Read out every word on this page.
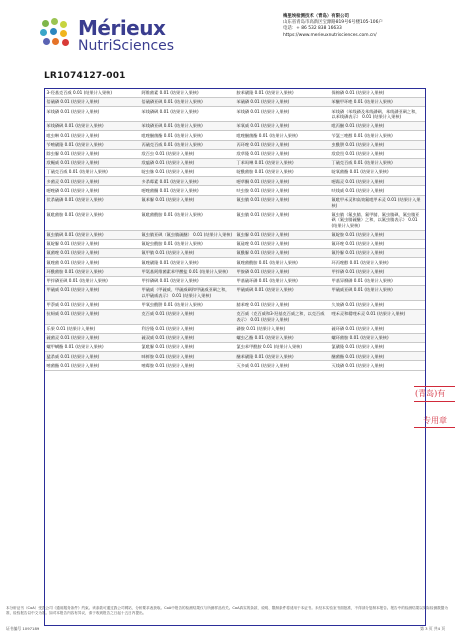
Mérieux
NutriSciences
梅里埃检测技术（青岛）有限公司
山东省青岛市高新区宝源路819号6号楼105-106户
电话：+ 86 532 838 16633
https://www.merieuxnutrisciences.com.cn/
LR1074127-001
3-羟基克百威 0.01 (结果计入果核)	阿维菌素 0.01 (结果计入果核)	胺苯磺隆 0.01 (结果计入果核)	保棉磷 0.01 (结果计入果核)
倍硫磷 0.01 (结果计入果核)	倍硫磷亚砜 0.01 (结果计入果核)	苯硫磷 0.01 (结果计入果核)	苯醚甲环唑 0.01 (结果计入果核)
苯线磷 0.01 (结果计入果核)	苯线磷砜 0.01 (结果计入果核)	苯线磷 0.01 (结果计入果核)	苯线磷（苯线磷及苯线磷砜、苯线磷亚砜之和，以苯线磷表示） 0.01 (结果计入果核)
苯线磷砜 0.01 (结果计入果核)	苯线磷亚砜 0.01 (结果计入果核)	苯氧威 0.01 (结果计入果核)	吡丙醚 0.01 (结果计入果核)
吡虫啉 0.01 (结果计入果核)	吡唑醚菌酯 0.01 (结果计入果核)	吡唑醚菌酯 0.01 (结果计入果核)	苄氯三唑醇 0.01 (结果计入果核)
苄嘧磺隆 0.01 (结果计入果核)	丙硫克百威 0.01 (结果计入果核)	丙环唑 0.01 (结果计入果核)	虫酰肼 0.01 (结果计入果核)
除虫脲 0.01 (结果计入果核)	敌百虫 0.01 (结果计入果核)	敌草隆 0.01 (结果计入果核)	敌敌畏 0.01 (结果计入果核)
敌蝇威 0.01 (结果计入果核)	敌瘟磷 0.01 (结果计入果核)	丁苯吗啉 0.01 (结果计入果核)	丁硫克百威 0.01 (结果计入果核)
丁硫克百威 0.01 (结果计入果核)	啶虫脒 0.01 (结果计入果核)	啶酰菌胺 0.01 (结果计入果核)	啶氧菌酯 0.01 (结果计入果核)
多菌灵 0.01 (结果计入果核)	多杀霉素 0.01 (结果计入果核)	噁草酮 0.01 (结果计入果核)	噁霜灵 0.01 (结果计入果核)
噁唑磷 0.01 (结果计入果核)	噁唑菌酮 0.01 (结果计入果核)	呋虫胺 0.01 (结果计入果核)	呋线威 0.01 (结果计入果核)
伏杀硫磷 0.01 (结果计入果核)	氟苯脲 0.01 (结果计入果核)	氟虫腈 0.01 (结果计入果核)	氟吡甲禾灵和高效氟吡甲禾灵 0.01 (结果计入果核)
氟吡菌胺 0.01 (结果计入果核)	氟吡菌酰胺 0.01 (结果计入果核)	氟虫腈 0.01 (结果计入果核)	氟虫腈（氟虫腈、氟甲腈、氟虫腈砜、氟虫腈亚砜（氟虫腈硫醚）之和，以氟虫腈表示） 0.01 (结果计入果核)
氟虫腈砜 0.01 (结果计入果核)	氟虫腈亚砜（氟虫腈硫醚） 0.01 (结果计入果核)	氟虫脲 0.01 (结果计入果核)	氟啶胺 0.01 (结果计入果核)
氟啶脲 0.01 (结果计入果核)	氟啶虫酰胺 0.01 (结果计入果核)	氟硅唑 0.01 (结果计入果核)	氟环唑 0.01 (结果计入果核)
氟菌唑 0.01 (结果计入果核)	氟甲腈 0.01 (结果计入果核)	氟酰脲 0.01 (结果计入果核)	氟铃脲 0.01 (结果计入果核)
氟唑菌 0.01 (结果计入果核)	氟唑磺隆 0.01 (结果计入果核)	氟唑菌酰胺 0.01 (结果计入果核)	环丙唑醇 0.01 (结果计入果核)
环酰菌胺 0.01 (结果计入果核)	甲氨基阿维菌素苯甲酸盐 0.01 (结果计入果核)	甲胺磷 0.01 (结果计入果核)	甲拌磷 0.01 (结果计入果核)
甲拌磷亚砜 0.01 (结果计入果核)	甲拌磷砜 0.01 (结果计入果核)	甲基硫环磷 0.01 (结果计入果核)	甲基异柳磷 0.01 (结果计入果核)
甲硫威 0.01 (结果计入果核)	甲硫威（甲硫威、甲硫威砜和甲硫威亚砜之和，以甲硫威表示） 0.01 (结果计入果核)	甲硫威砜 0.01 (结果计入果核)	甲硫威亚砜 0.01 (结果计入果核)
甲萘威 0.01 (结果计入果核)	甲氧虫酰肼 0.01 (结果计入果核)	腈苯唑 0.01 (结果计入果核)	久效磷 0.01 (结果计入果核)
抗蚜威 0.01 (结果计入果核)	克百威 0.01 (结果计入果核)	克百威（克百威和3-羟基克百威之和，以克百威表示） 0.01 (结果计入果核)	喹禾灵和精喹禾灵 0.01 (结果计入果核)
乐果 0.01 (结果计入果核)	利谷隆 0.01 (结果计入果核)	磷胺 0.01 (结果计入果核)	硫环磷 0.01 (结果计入果核)
硫菌灵 0.01 (结果计入果核)	硫双威 0.01 (结果计入果核)	螺虫乙酯 0.01 (结果计入果核)	螺环菌胺 0.01 (结果计入果核)
螺甲螨酯 0.01 (结果计入果核)	氯吡脲 0.01 (结果计入果核)	氯虫苯甲酰胺 0.01 (结果计入果核)	氯磺隆 0.01 (结果计入果核)
猛杀威 0.01 (结果计入果核)	咪鲜胺 0.01 (结果计入果核)	醚苯磺隆 0.01 (结果计入果核)	醚菌酯 0.01 (结果计入果核)
嘧菌酯 0.01 (结果计入果核)	嘧霉胺 0.01 (结果计入果核)	灭多威 0.01 (结果计入果核)	灭线磷 0.01 (结果计入果核)
(青岛)有
专用章
本分析证书（CoA）受我公司《通用服务条件》约束。该条款可通过我公司网站、分析要求表获取。CoA中报告的检测结果仅与所测样品有关。CoA真实的条款、说明、限制条件将适用于本证书。未经本实验室书面批准，不得部分复制本报告。报告中的检测结果以实际检测数据为准，检验报告以中文为准。如对本报告内容有异议，请于收到报告之日起十五日内提出。
证书编号 1097189	第 3 页 共4 页
